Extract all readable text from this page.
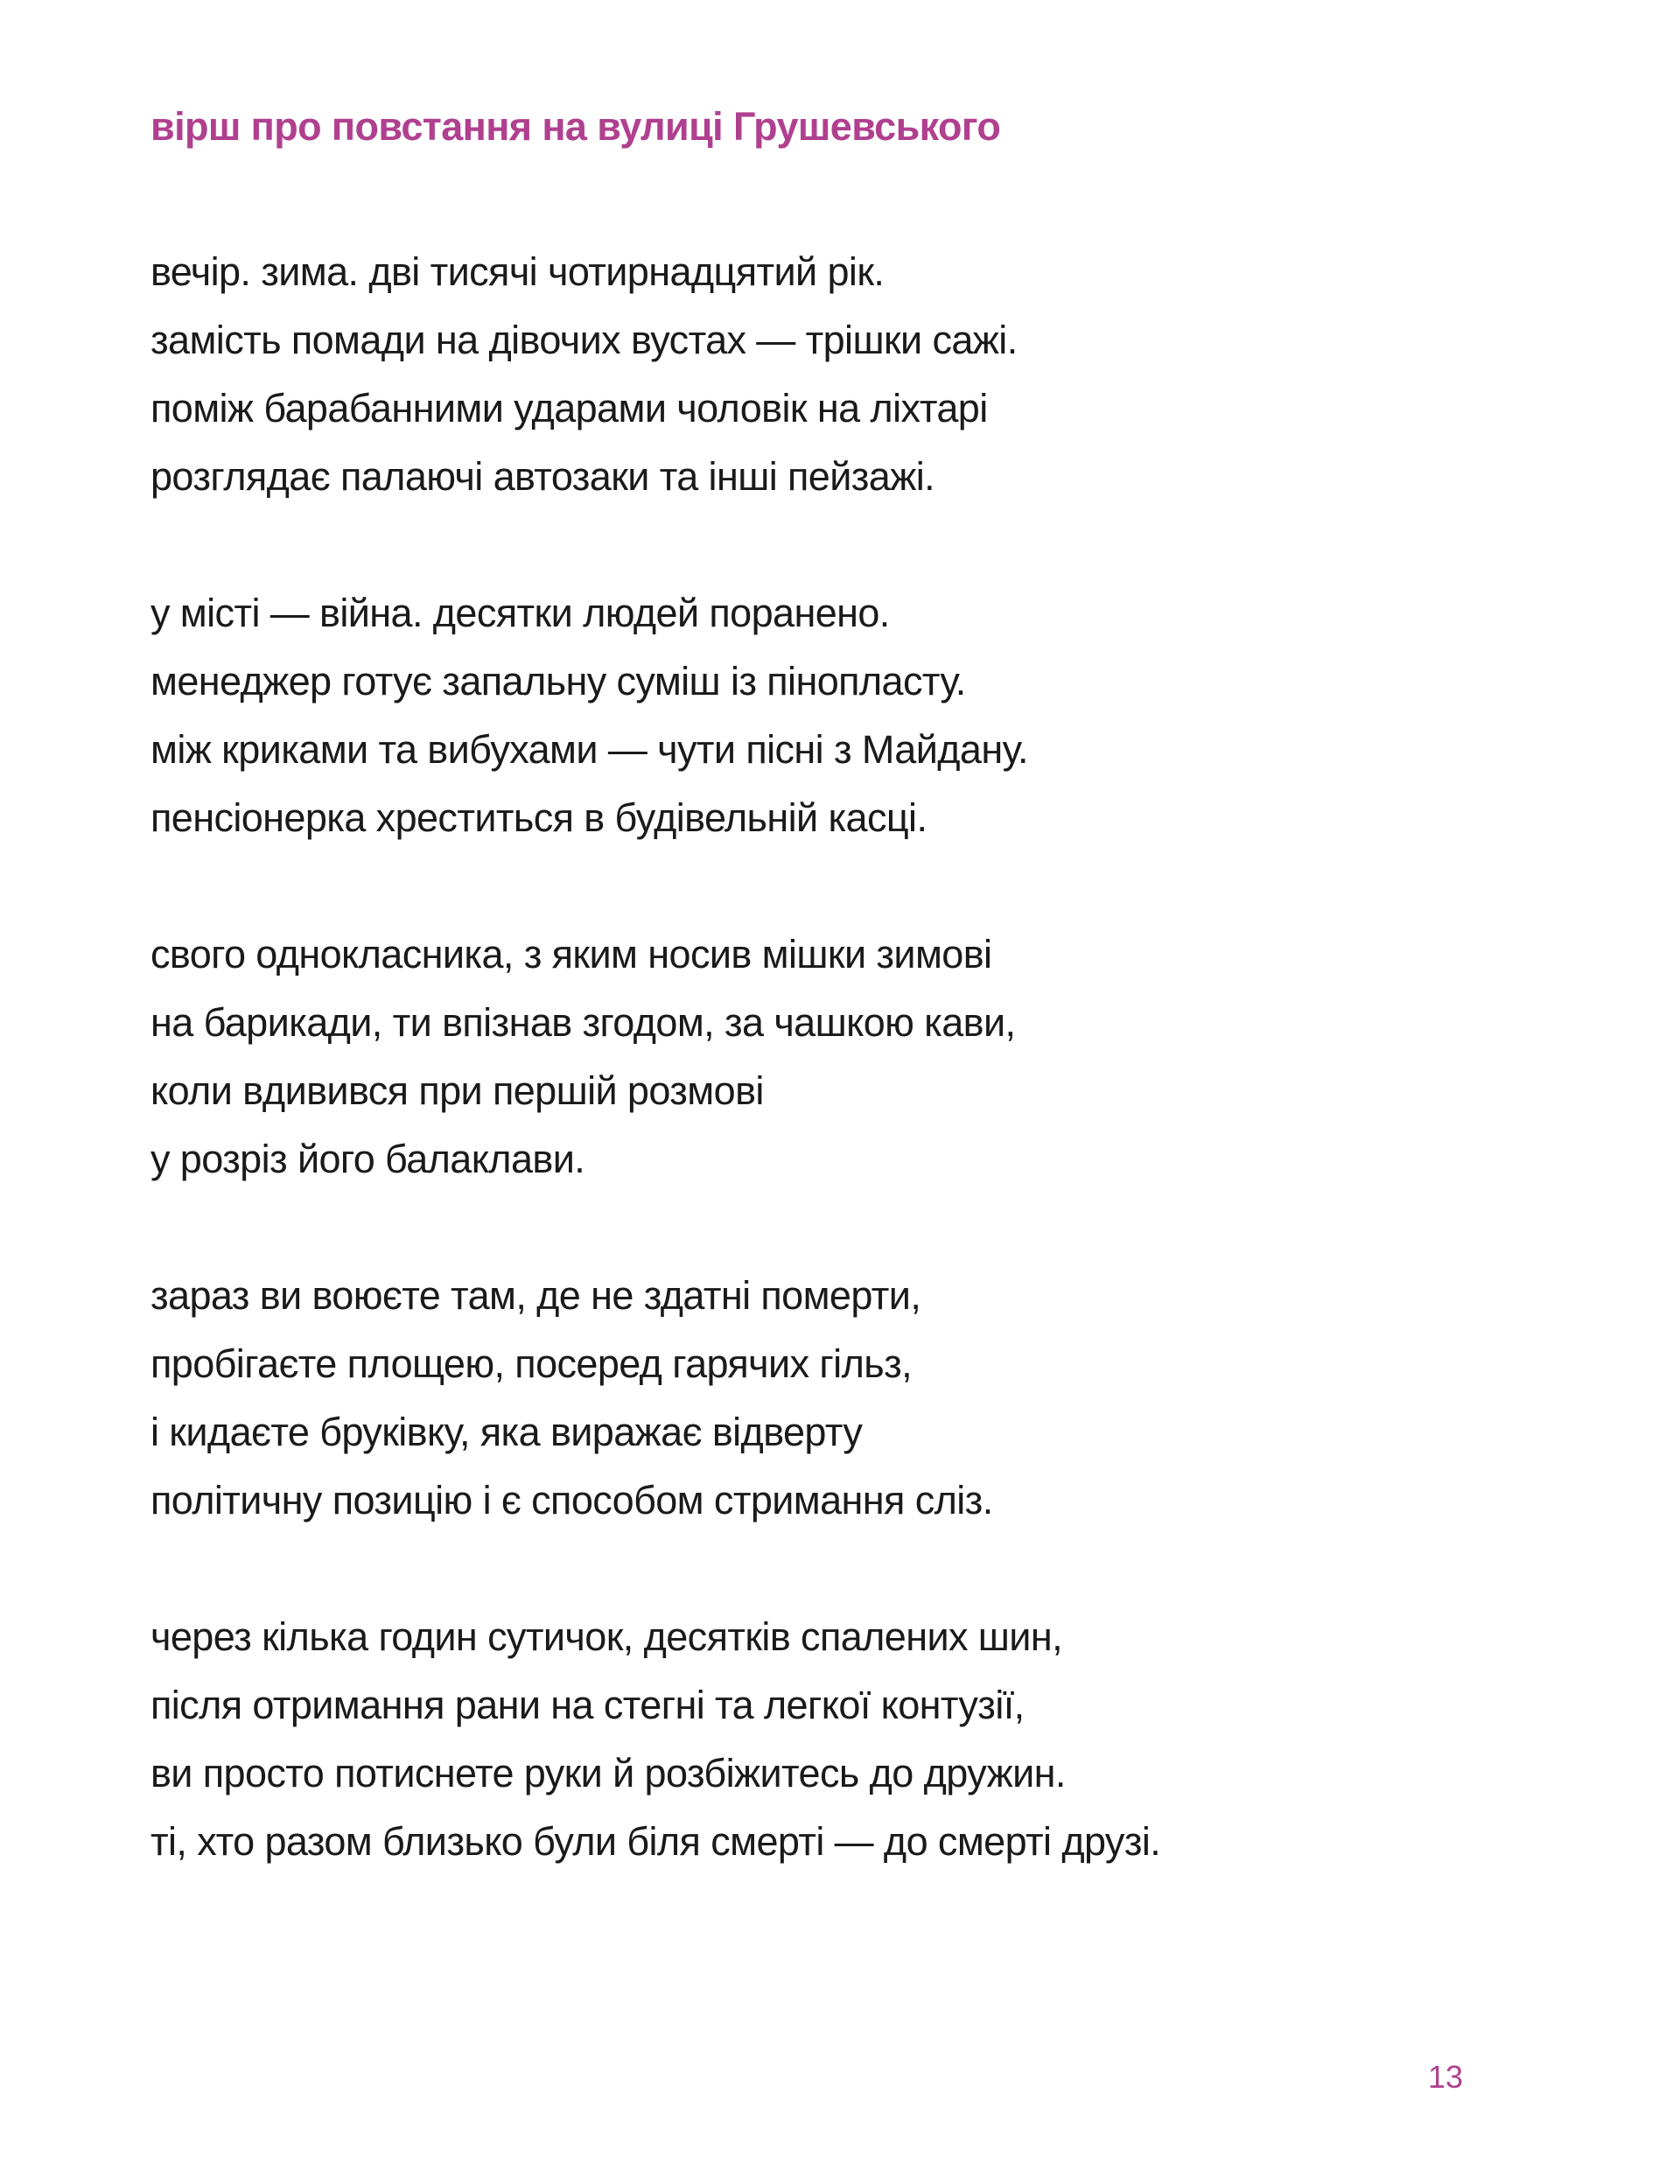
вірш про повстання на вулиці Грушевського
вечір. зима. дві тисячі чотирнадцятий рік.
замість помади на дівочих вустах — трішки сажі.
поміж барабанними ударами чоловік на ліхтарі
розглядає палаючі автозаки та інші пейзажі.
у місті — війна. десятки людей поранено.
менеджер готує запальну суміш із пінопласту.
між криками та вибухами — чути пісні з Майдану.
пенсіонерка хреститься в будівельній касці.
свого однокласника, з яким носив мішки зимові
на барикади, ти впізнав згодом, за чашкою кави,
коли вдивився при першій розмові
у розріз його балаклави.
зараз ви воюєте там, де не здатні померти,
пробігаєте площею, посеред гарячих гільз,
і кидаєте бруківку, яка виражає відверту
політичну позицію і є способом стримання сліз.
через кілька годин сутичок, десятків спалених шин,
після отримання рани на стегні та легкої контузії,
ви просто потиснете руки й розбіжитесь до дружин.
ті, хто разом близько були біля смерті — до смерті друзі.
13
